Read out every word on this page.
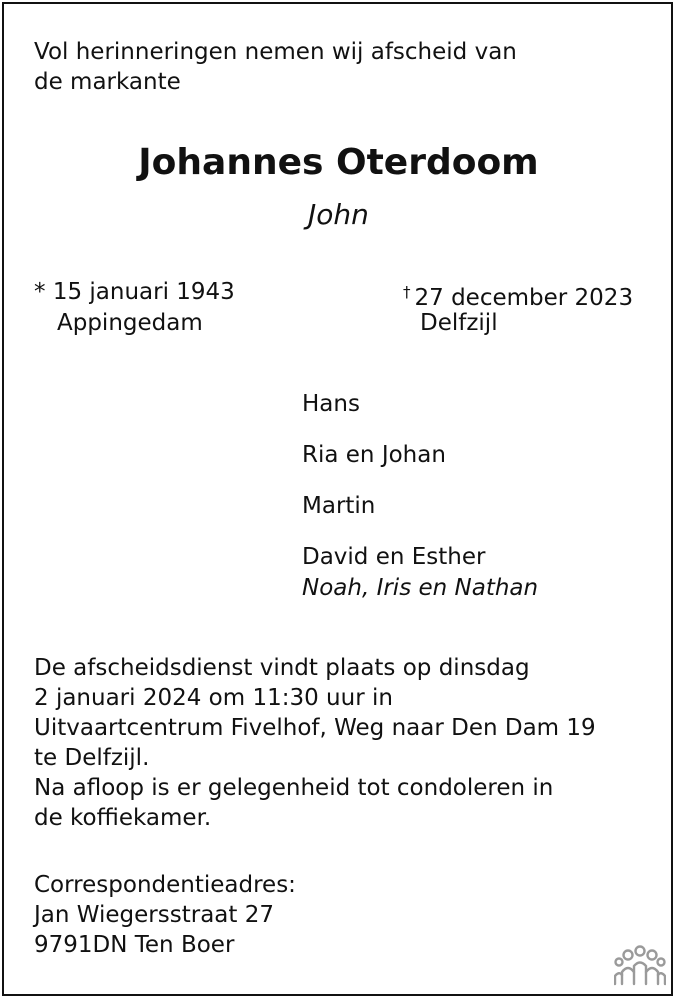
Vol herinneringen nemen wij afscheid van
de markante
Johannes Oterdoom
John
* 15 januari 1943
Appingedam
† 27 december 2023
Delfzijl
Hans
Ria en Johan
Martin
David en Esther
Noah, Iris en Nathan
De afscheidsdienst vindt plaats op dinsdag
2 januari 2024 om 11:30 uur in
Uitvaartcentrum Fivelhof, Weg naar Den Dam 19
te Delfzijl.
Na afloop is er gelegenheid tot condoleren in
de koffiekamer.
Correspondentieadres:
Jan Wiegersstraat 27
9791DN Ten Boer
